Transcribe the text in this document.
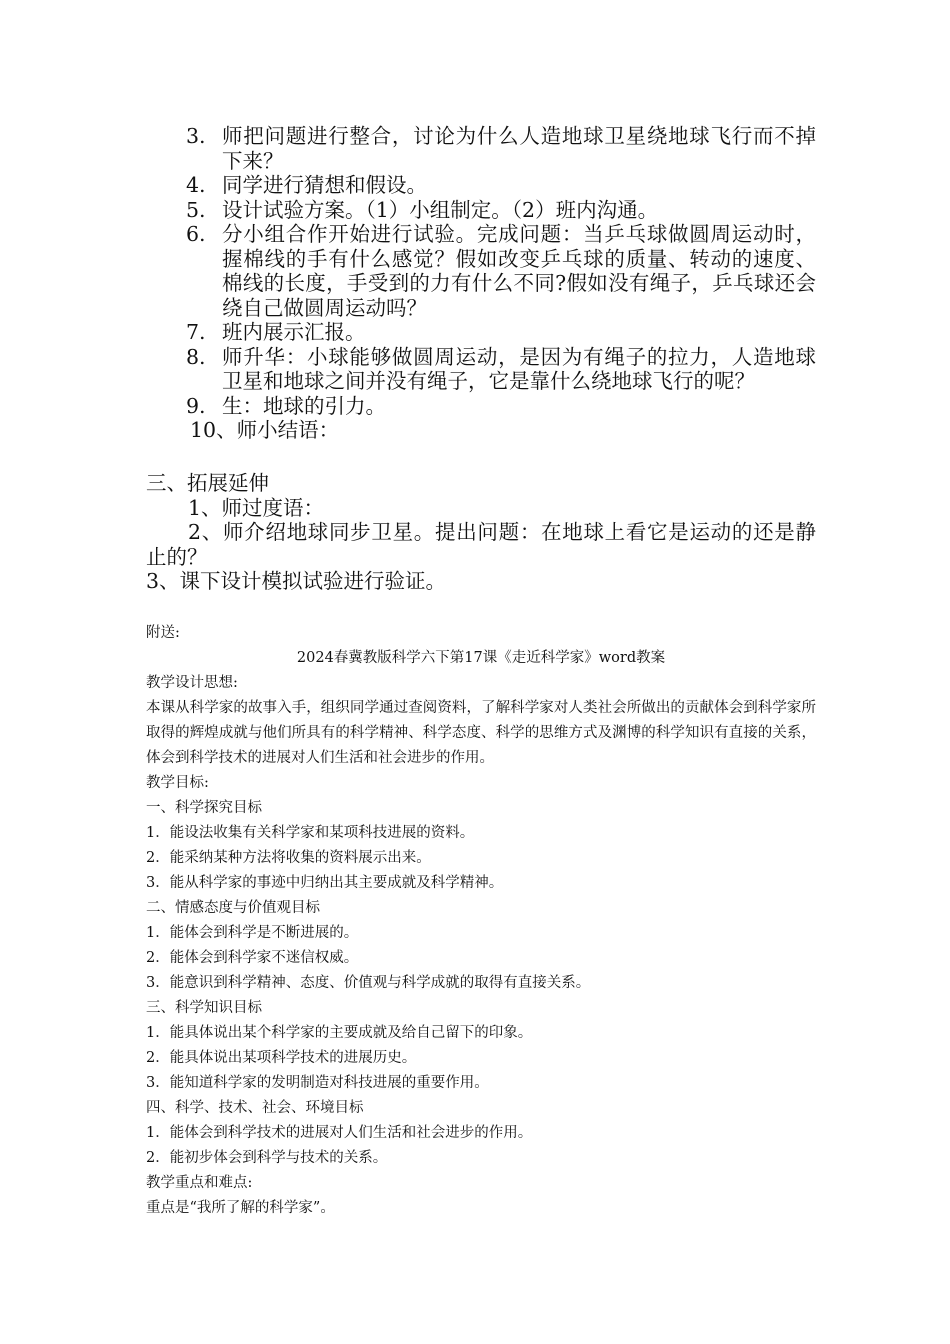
3. 师把问题进行整合，讨论为什么人造地球卫星绕地球飞行而不掉下来？
4. 同学进行猜想和假设。
5. 设计试验方案。（1）小组制定。（2）班内沟通。
6. 分小组合作开始进行试验。完成问题：当乒乓球做圆周运动时，握棉线的手有什么感觉？假如改变乒乓球的质量、转动的速度、棉线的长度，手受到的力有什么不同?假如没有绳子，乒乓球还会绕自己做圆周运动吗？
7. 班内展示汇报。
8. 师升华：小球能够做圆周运动，是因为有绳子的拉力，人造地球卫星和地球之间并没有绳子，它是靠什么绕地球飞行的呢？
9. 生：地球的引力。
10、师小结语：
三、拓展延伸
1、师过度语：
2、师介绍地球同步卫星。提出问题：在地球上看它是运动的还是静止的？
3、课下设计模拟试验进行验证。
附送:
2024春冀教版科学六下第17课《走近科学家》word教案
教学设计思想:
本课从科学家的故事入手，组织同学通过查阅资料，了解科学家对人类社会所做出的贡献体会到科学家所取得的辉煌成就与他们所具有的科学精神、科学态度、科学的思维方式及渊博的科学知识有直接的关系，体会到科学技术的进展对人们生活和社会进步的作用。
教学目标:
一、科学探究目标
1．能设法收集有关科学家和某项科技进展的资料。
2．能采纳某种方法将收集的资料展示出来。
3．能从科学家的事迹中归纳出其主要成就及科学精神。
二、情感态度与价值观目标
1．能体会到科学是不断进展的。
2．能体会到科学家不迷信权威。
3．能意识到科学精神、态度、价值观与科学成就的取得有直接关系。
三、科学知识目标
1．能具体说出某个科学家的主要成就及给自己留下的印象。
2．能具体说出某项科学技术的进展历史。
3．能知道科学家的发明制造对科技进展的重要作用。
四、科学、技术、社会、环境目标
1．能体会到科学技术的进展对人们生活和社会进步的作用。
2．能初步体会到科学与技术的关系。
教学重点和难点:
重点是“我所了解的科学家”。
